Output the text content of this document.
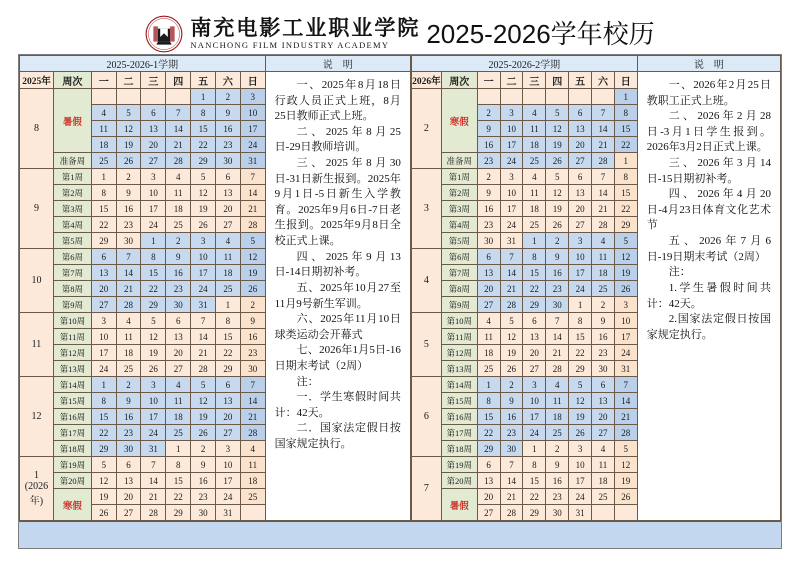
南充电影工业职业学院
NANCHONG FILM INDUSTRY ACADEMY	2025-2026学年校历
2025-2026-1学期									说　明
2025年	周次	一	二	三	四	五	六	日	一、2025年8月18日行政人员正式上班，8月25日教师正式上班。

二、2025年8月25日-29日教师培训。

三、2025年8月30日-31日新生报到。2025年9月1日-5日新生入学教育。2025年9月6日-7日老生报到。2025年9月8日全校正式上课。

四、2025年9月13日-14日期初补考。

五、2025年10月27至11月9号新生军训。

六、2025年11月10日球类运动会开幕式

七、2026年1月5日-16日期末考试（2周）

注：

一．学生寒假时间共计：42天。

二．国家法定假日按国家规定执行。

8	暑假					1	2	3	
		4	5	6	7	8	9	10	
		11	12	13	14	15	16	17	
		18	19	20	21	22	23	24	
	准备周	25	26	27	28	29	30	31	
9	第1周	1	2	3	4	5	6	7	
	第2周	8	9	10	11	12	13	14	
	第3周	15	16	17	18	19	20	21	
	第4周	22	23	24	25	26	27	28	
	第5周	29	30	1	2	3	4	5	
10	第6周	6	7	8	9	10	11	12	
	第7周	13	14	15	16	17	18	19	
	第8周	20	21	22	23	24	25	26	
	第9周	27	28	29	30	31	1	2	
11	第10周	3	4	5	6	7	8	9	
	第11周	10	11	12	13	14	15	16	
	第12周	17	18	19	20	21	22	23	
	第13周	24	25	26	27	28	29	30	
12	第14周	1	2	3	4	5	6	7	
	第15周	8	9	10	11	12	13	14	
	第16周	15	16	17	18	19	20	21	
	第17周	22	23	24	25	26	27	28	
	第18周	29	30	31	1	2	3	4	
1
(2026年)	第19周	5	6	7	8	9	10	11	
	第20周	12	13	14	15	16	17	18	
	寒假	19	20	21	22	23	24	25	
		26	27	28	29	30	31		
2025-2026-2学期									说　明
2026年	周次	一	二	三	四	五	六	日	一、2026年2月25日教职工正式上班。

二、2026年2月28日-3月1日学生报到。2026年3月2日正式上课。

三、2026年3月14日-15日期初补考。

四、2026年4月20日-4月23日体育文化艺术节

五、2026年7月6日-19日期末考试（2周）

注：

1.学生暑假时间共计：42天。

2.国家法定假日按国家规定执行。

2	寒假							1	
		2	3	4	5	6	7	8	
		9	10	11	12	13	14	15	
		16	17	18	19	20	21	22	
	准备周	23	24	25	26	27	28	1	
3	第1周	2	3	4	5	6	7	8	
	第2周	9	10	11	12	13	14	15	
	第3周	16	17	18	19	20	21	22	
	第4周	23	24	25	26	27	28	29	
	第5周	30	31	1	2	3	4	5	
4	第6周	6	7	8	9	10	11	12	
	第7周	13	14	15	16	17	18	19	
	第8周	20	21	22	23	24	25	26	
	第9周	27	28	29	30	1	2	3	
5	第10周	4	5	6	7	8	9	10	
	第11周	11	12	13	14	15	16	17	
	第12周	18	19	20	21	22	23	24	
	第13周	25	26	27	28	29	30	31	
6	第14周	1	2	3	4	5	6	7	
	第15周	8	9	10	11	12	13	14	
	第16周	15	16	17	18	19	20	21	
	第17周	22	23	24	25	26	27	28	
	第18周	29	30	1	2	3	4	5	
7	第19周	6	7	8	9	10	11	12	
	第20周	13	14	15	16	17	18	19	
	暑假	20	21	22	23	24	25	26	
		27	28	29	30	31			
